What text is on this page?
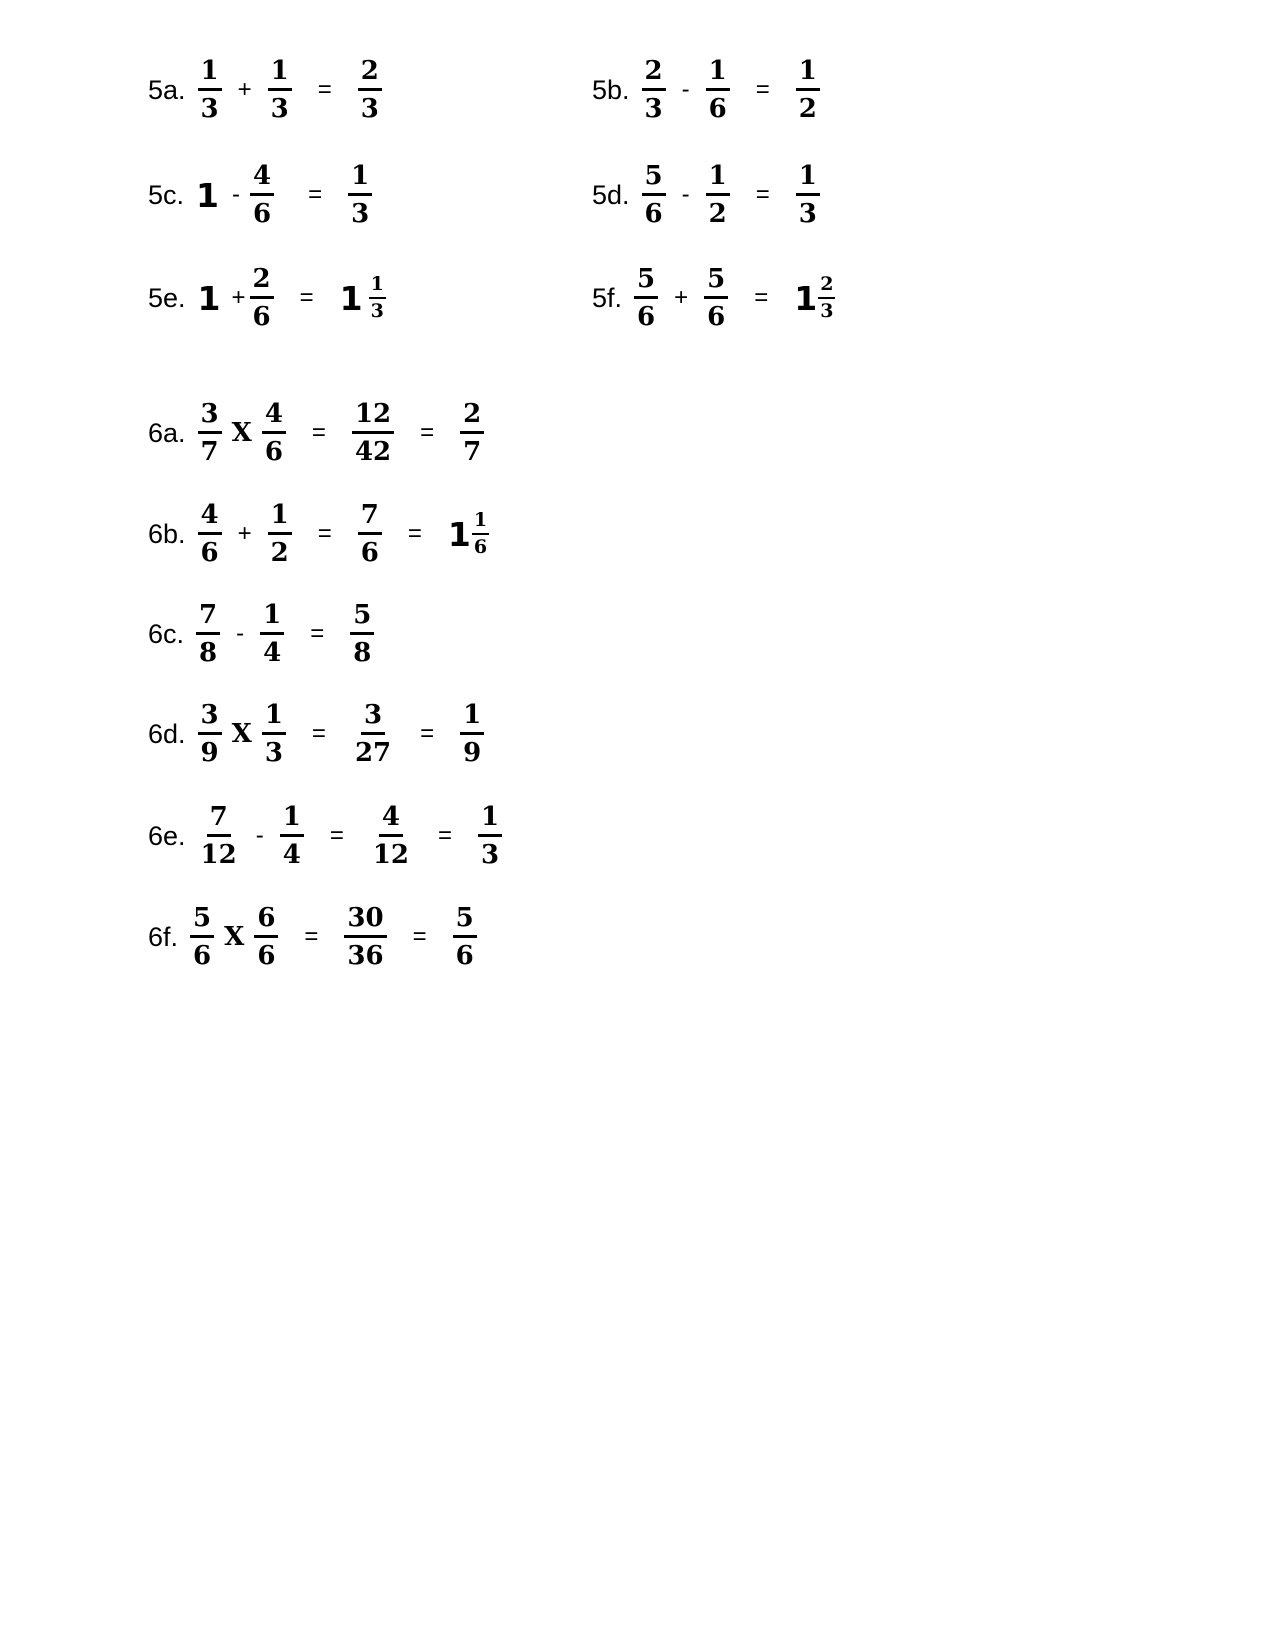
5a. $\frac{1}{3} + \frac{1}{3} = \frac{2}{3}$	5b. $\frac{2}{3} - \frac{1}{6} = \frac{1}{2}$
5c. $1 - \frac{4}{6} = \frac{1}{3}$	5d. $\frac{5}{6} - \frac{1}{2} = \frac{1}{3}$
5e. $1 + \frac{2}{6} = 1 \frac{1}{3}$	5f. $\frac{5}{6} + \frac{5}{6} = 1 \frac{2}{3}$
6a. $\frac{3}{7}$ X $\frac{4}{6} = \frac{12}{42} = \frac{2}{7}$
6b. $\frac{4}{6} + \frac{1}{2} = \frac{7}{6} = 1 \frac{1}{6}$
6c. $\frac{7}{8} - \frac{1}{4} = \frac{5}{8}$
6d. $\frac{3}{9}$ X $\frac{1}{3} = \frac{3}{27} = \frac{1}{9}$
6e. $\frac{7}{12} - \frac{1}{4} = \frac{4}{12} = \frac{1}{3}$
6f. $\frac{5}{6}$ X $\frac{6}{6} = \frac{30}{36} = \frac{5}{6}$
